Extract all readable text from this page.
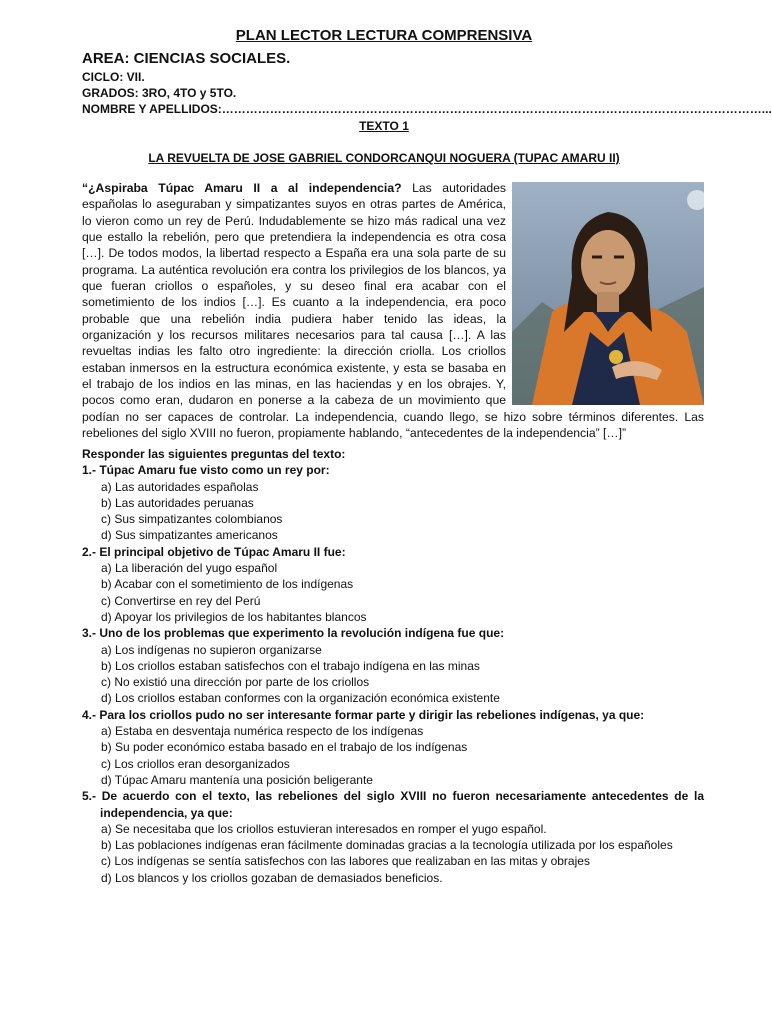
PLAN LECTOR LECTURA COMPRENSIVA
AREA: CIENCIAS SOCIALES.
CICLO: VII.
GRADOS: 3RO, 4TO y 5TO.
NOMBRE Y APELLIDOS:………………………………………………………………………………………………………………………...
TEXTO 1
LA REVUELTA DE JOSE GABRIEL CONDORCANQUI NOGUERA (TUPAC AMARU II)
“¿Aspiraba Túpac Amaru II a al independencia? Las autoridades españolas lo aseguraban y simpatizantes suyos en otras partes de América, lo vieron como un rey de Perú. Indudablemente se hizo más radical una vez que estallo la rebelión, pero que pretendiera la independencia es otra cosa […]. De todos modos, la libertad respecto a España era una sola parte de su programa. La auténtica revolución era contra los privilegios de los blancos, ya que fueran criollos o españoles, y su deseo final era acabar con el sometimiento de los indios […]. Es cuanto a la independencia, era poco probable que una rebelión india pudiera haber tenido las ideas, la organización y los recursos militares necesarios para tal causa […]. A las revueltas indias les falto otro ingrediente: la dirección criolla. Los criollos estaban inmersos en la estructura económica existente, y esta se basaba en el trabajo de los indios en las minas, en las haciendas y en los obrajes. Y, pocos como eran, dudaron en ponerse a la cabeza de un movimiento que podían no ser capaces de controlar. La independencia, cuando llego, se hizo sobre términos diferentes. Las rebeliones del siglo XVIII no fueron, propiamente hablando, “antecedentes de la independencia” […]”
Responder las siguientes preguntas del texto:
1.- Túpac Amaru fue visto como un rey por:
a) Las autoridades españolas
b) Las autoridades peruanas
c) Sus simpatizantes colombianos
d) Sus simpatizantes americanos
2.- El principal objetivo de Túpac Amaru II fue:
a) La liberación del yugo español
b) Acabar con el sometimiento de los indígenas
c) Convertirse en rey del Perú
d) Apoyar los privilegios de los habitantes blancos
3.- Uno de los problemas que experimento la revolución indígena fue que:
a) Los indígenas no supieron organizarse
b) Los criollos estaban satisfechos con el trabajo indígena en las minas
c) No existió una dirección por parte de los criollos
d) Los criollos estaban conformes con la organización económica existente
4.- Para los criollos pudo no ser interesante formar parte y dirigir las rebeliones indígenas, ya que:
a) Estaba en desventaja numérica respecto de los indígenas
b) Su poder económico estaba basado en el trabajo de los indígenas
c) Los criollos eran desorganizados
d) Túpac Amaru mantenía una posición beligerante
5.- De acuerdo con el texto, las rebeliones del siglo XVIII no fueron necesariamente antecedentes de la independencia, ya que:
a) Se necesitaba que los criollos estuvieran interesados en romper el yugo español.
b) Las poblaciones indígenas eran fácilmente dominadas gracias a la tecnología utilizada por los españoles
c) Los indígenas se sentía satisfechos con las labores que realizaban en las mitas y obrajes
d) Los blancos y los criollos gozaban de demasiados beneficios.
